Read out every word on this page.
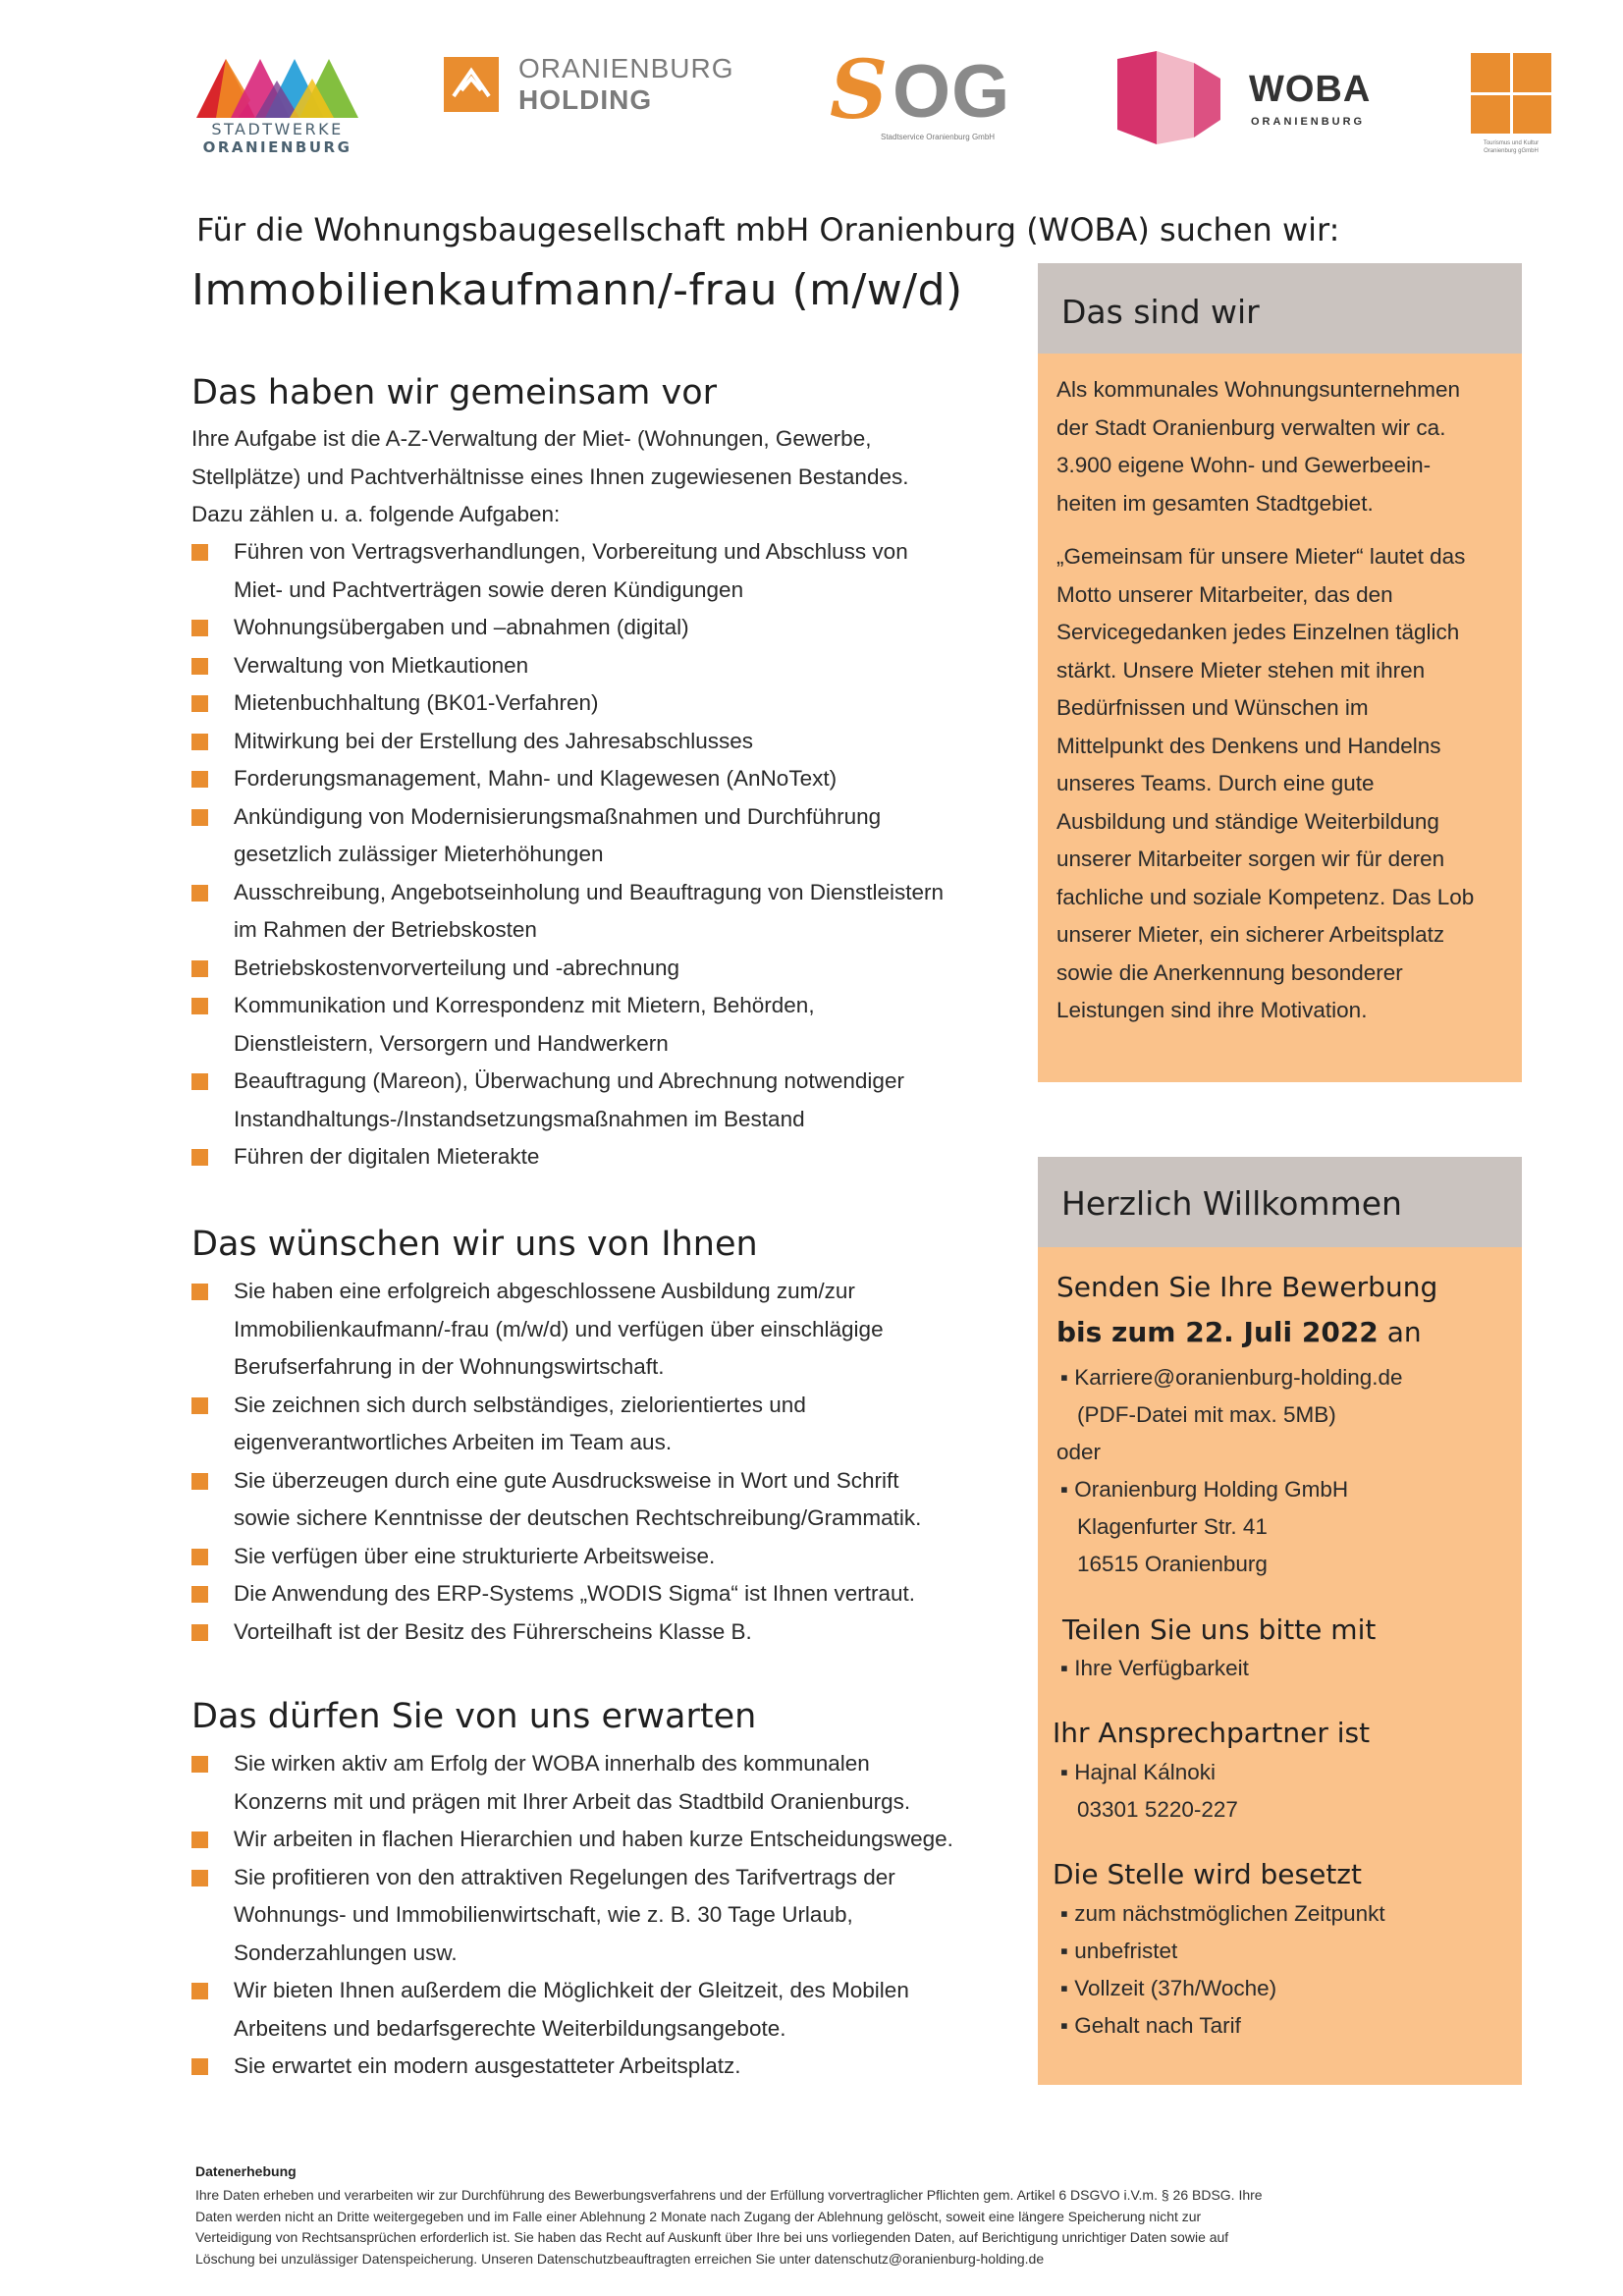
STADTWERKE
ORANIENBURG
ORANIENBURG
HOLDING S OG
Stadtservice Oranienburg GmbH
WOBA
ORANIENBURG
Tourismus und Kultur Oranienburg gGmbH
Für die Wohnungsbaugesellschaft mbH Oranienburg (WOBA) suchen wir:
Immobilienkaufmann/-frau (m/w/d)
Das haben wir gemeinsam vor
Ihre Aufgabe ist die A-Z-Verwaltung der Miet- (Wohnungen, Gewerbe,
Stellplätze) und Pachtverhältnisse eines Ihnen zugewiesenen Bestandes.
Dazu zählen u. a. folgende Aufgaben:
Führen von Vertragsverhandlungen, Vorbereitung und Abschluss von
Miet- und Pachtverträgen sowie deren Kündigungen
Wohnungsübergaben und –abnahmen (digital)
Verwaltung von Mietkautionen
Mietenbuchhaltung (BK01-Verfahren)
Mitwirkung bei der Erstellung des Jahresabschlusses
Forderungsmanagement, Mahn- und Klagewesen (AnNoText)
Ankündigung von Modernisierungsmaßnahmen und Durchführung
gesetzlich zulässiger Mieterhöhungen
Ausschreibung, Angebotseinholung und Beauftragung von Dienstleistern
im Rahmen der Betriebskosten
Betriebskostenvorverteilung und -abrechnung
Kommunikation und Korrespondenz mit Mietern, Behörden,
Dienstleistern, Versorgern und Handwerkern
Beauftragung (Mareon), Überwachung und Abrechnung notwendiger
Instandhaltungs-/Instandsetzungsmaßnahmen im Bestand
Führen der digitalen Mieterakte
Das wünschen wir uns von Ihnen
Sie haben eine erfolgreich abgeschlossene Ausbildung zum/zur
Immobilienkaufmann/-frau (m/w/d) und verfügen über einschlägige
Berufserfahrung in der Wohnungswirtschaft.
Sie zeichnen sich durch selbständiges, zielorientiertes und
eigenverantwortliches Arbeiten im Team aus.
Sie überzeugen durch eine gute Ausdrucksweise in Wort und Schrift
sowie sichere Kenntnisse der deutschen Rechtschreibung/Grammatik.
Sie verfügen über eine strukturierte Arbeitsweise.
Die Anwendung des ERP-Systems „WODIS Sigma“ ist Ihnen vertraut.
Vorteilhaft ist der Besitz des Führerscheins Klasse B.
Das dürfen Sie von uns erwarten
Sie wirken aktiv am Erfolg der WOBA innerhalb des kommunalen
Konzerns mit und prägen mit Ihrer Arbeit das Stadtbild Oranienburgs.
Wir arbeiten in flachen Hierarchien und haben kurze Entscheidungswege.
Sie profitieren von den attraktiven Regelungen des Tarifvertrags der
Wohnungs- und Immobilienwirtschaft, wie z. B. 30 Tage Urlaub,
Sonderzahlungen usw.
Wir bieten Ihnen außerdem die Möglichkeit der Gleitzeit, des Mobilen
Arbeitens und bedarfsgerechte Weiterbildungsangebote.
Sie erwartet ein modern ausgestatteter Arbeitsplatz.
Das sind wir
Als kommunales Wohnungsunternehmen
der Stadt Oranienburg verwalten wir ca.
3.900 eigene Wohn- und Gewerbeein-
heiten im gesamten Stadtgebiet.
„Gemeinsam für unsere Mieter“ lautet das
Motto unserer Mitarbeiter, das den
Servicegedanken jedes Einzelnen täglich
stärkt. Unsere Mieter stehen mit ihren
Bedürfnissen und Wünschen im
Mittelpunkt des Denkens und Handelns
unseres Teams. Durch eine gute
Ausbildung und ständige Weiterbildung
unserer Mitarbeiter sorgen wir für deren
fachliche und soziale Kompetenz. Das Lob
unserer Mieter, ein sicherer Arbeitsplatz
sowie die Anerkennung besonderer
Leistungen sind ihre Motivation.
Herzlich Willkommen
Senden Sie Ihre Bewerbung
bis zum 22. Juli 2022 an
▪ Karriere@oranienburg-holding.de
(PDF-Datei mit max. 5MB)
oder
▪ Oranienburg Holding GmbH
Klagenfurter Str. 41
16515 Oranienburg
Teilen Sie uns bitte mit
▪ Ihre Verfügbarkeit
Ihr Ansprechpartner ist
▪ Hajnal Kálnoki
03301 5220-227
Die Stelle wird besetzt
▪ zum nächstmöglichen Zeitpunkt
▪ unbefristet
▪ Vollzeit (37h/Woche)
▪ Gehalt nach Tarif
Datenerhebung
Ihre Daten erheben und verarbeiten wir zur Durchführung des Bewerbungsverfahrens und der Erfüllung vorvertraglicher Pflichten gem. Artikel 6 DSGVO i.V.m. § 26 BDSG. Ihre
Daten werden nicht an Dritte weitergegeben und im Falle einer Ablehnung 2 Monate nach Zugang der Ablehnung gelöscht, soweit eine längere Speicherung nicht zur
Verteidigung von Rechtsansprüchen erforderlich ist. Sie haben das Recht auf Auskunft über Ihre bei uns vorliegenden Daten, auf Berichtigung unrichtiger Daten sowie auf
Löschung bei unzulässiger Datenspeicherung. Unseren Datenschutzbeauftragten erreichen Sie unter datenschutz@oranienburg-holding.de
